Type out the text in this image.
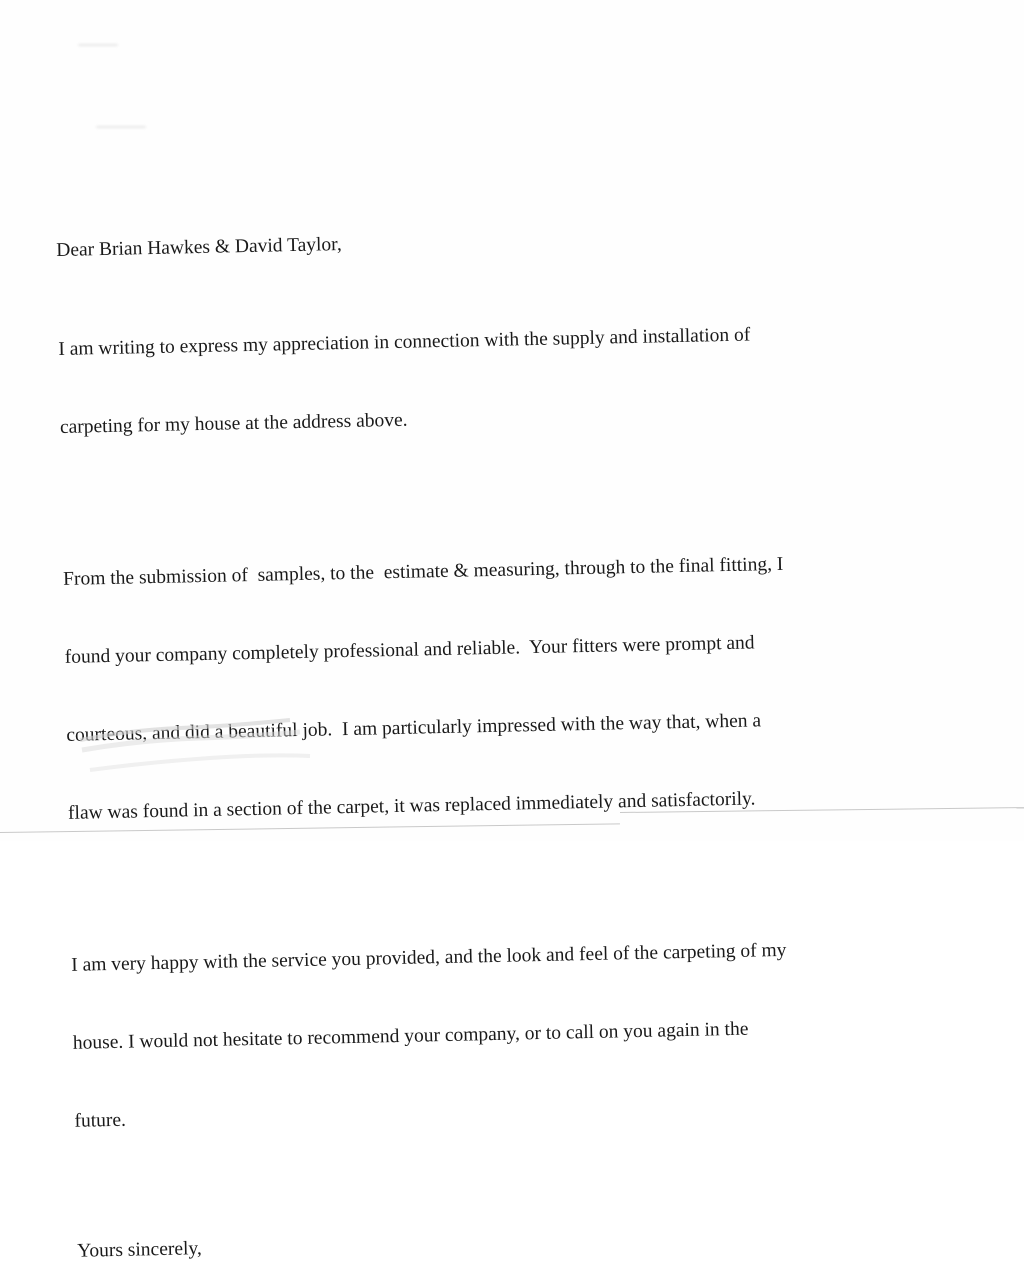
Dear Brian Hawkes & David Taylor,

I am writing to express my appreciation in connection with the supply and installation of

carpeting for my house at the address above.

From the submission of  samples, to the  estimate & measuring, through to the final fitting, I

found your company completely professional and reliable.  Your fitters were prompt and

courteous, and did a beautiful job.  I am particularly impressed with the way that, when a

flaw was found in a section of the carpet, it was replaced immediately and satisfactorily.

I am very happy with the service you provided, and the look and feel of the carpeting of my

house. I would not hesitate to recommend your company, or to call on you again in the

future.

Yours sincerely,
